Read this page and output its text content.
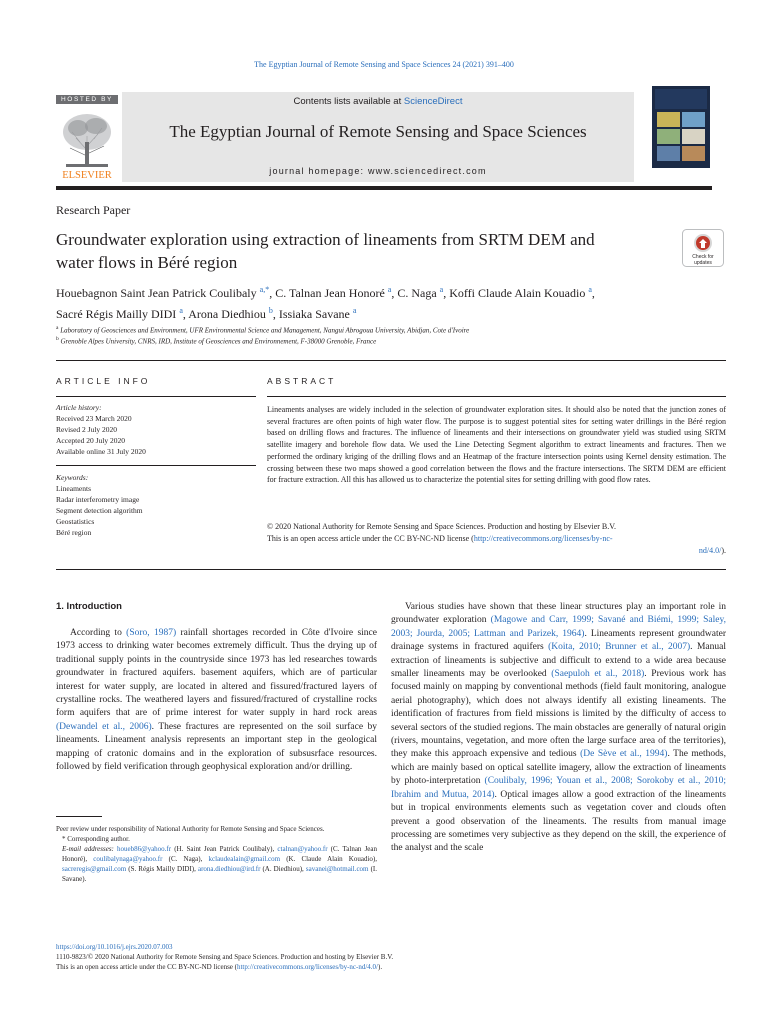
The Egyptian Journal of Remote Sensing and Space Sciences 24 (2021) 391–400
HOSTED BY
ELSEVIER
Contents lists available at ScienceDirect
The Egyptian Journal of Remote Sensing and Space Sciences
journal homepage: www.sciencedirect.com
Research Paper
Groundwater exploration using extraction of lineaments from SRTM DEM and water flows in Béré region	Check for
updates
Houebagnon Saint Jean Patrick Coulibaly $^{a,*}$, C. Talnan Jean Honoré $^a$, C. Naga $^a$, Koffi Claude Alain Kouadio $^a$,
Sacré Régis Mailly DIDI $^a$, Arona Diedhiou $^b$, Issiaka Savane $^a$
$^a$ Laboratory of Geosciences and Environment, UFR Environmental Science and Management, Nangui Abrogoua University, Abidjan, Cote d'Ivoire
$^b$ Grenoble Alpes University, CNRS, IRD, Institute of Geosciences and Environnement, F-38000 Grenoble, France
ARTICLE INFO	ABSTRACT
Article history:
Received 23 March 2020
Revised 2 July 2020
Accepted 20 July 2020
Available online 31 July 2020
Keywords:
Lineaments
Radar interferometry image
Segment detection algorithm
Geostatistics
Béré region
Lineaments analyses are widely included in the selection of groundwater exploration sites. It should also be noted that the junction zones of several fractures are often points of high water flow. The purpose is to suggest potential sites for setting water drillings in the Béré region based on drilling flows and fractures. The influence of lineaments and their intersections on groundwater yield was studied using SRTM satellite imagery and borehole flow data. We used the Line Detecting Segment algorithm to extract lineaments and fractures. Then we performed the ordinary kriging of the drilling flows and an Heatmap of the fracture intersection points using Kernel density estimation. The crossing between these two maps showed a good correlation between the flows and the fracture intersections. The SRTM DEM are efficient for fracture extraction. All this has allowed us to characterize the potential sites for setting drilling with good flow rates.
© 2020 National Authority for Remote Sensing and Space Sciences. Production and hosting by Elsevier B.V.
This is an open access article under the CC BY-NC-ND license (http://creativecommons.org/licenses/by-nc-
nd/4.0/).
1. Introduction
According to (Soro, 1987) rainfall shortages recorded in Côte d'Ivoire since 1973 access to drinking water becomes extremely difficult. Thus the drying up of traditional supply points in the countryside since 1973 has led researches towards groundwater in fractured aquifers. basement aquifers, which are of particular interest for water supply, are located in altered and fissured/fractured layers of crystalline rocks. The weathered layers and fissured/fractured of crystalline rocks form aquifers that are of prime interest for water supply in hard rock areas (Dewandel et al., 2006). These fractures are represented on the soil surface by lineaments. Lineament analysis represents an important step in the geological mapping of cratonic domains and in the exploration of subsusrface resources. followed by field verification through geophysical exploration and/or drilling.
Various studies have shown that these linear structures play an important role in groundwater exploration (Magowe and Carr, 1999; Savané and Biémi, 1999; Saley, 2003; Jourda, 2005; Lattman and Parizek, 1964). Lineaments represent groundwater drainage systems in fractured aquifers (Koita, 2010; Brunner et al., 2007). Manual extraction of lineaments is subjective and difficult to extend to a wide area because smaller lineaments may be overlooked (Saepuloh et al., 2018). Previous work has focused mainly on mapping by conventional methods (field fault monitoring, analogue aerial photography), which does not always identify all existing lineaments. The identification of fractures from field missions is limited by the difficulty of access to several sectors of the studied regions. The main obstacles are generally of natural origin (rivers, mountains, vegetation, and more often the large surface area of the territories), they make this approach expensive and tedious (De Sève et al., 1994). The methods, which are mainly based on optical satellite imagery, allow the extraction of lineaments by photo-interpretation (Coulibaly, 1996; Youan et al., 2008; Sorokoby et al., 2010; Ibrahim and Mutua, 2014). Optical images allow a good extraction of the lineaments but in tropical environments elements such as vegetation cover and clouds often prevent a good observation of the lineaments. The results from manual image processing are sometimes very subjective as they depend on the skill, the experience of the analyst and the scale

Peer review under responsibility of National Authority for Remote Sensing and Space Sciences.

* Corresponding author.

E-mail addresses: houeb86@yahoo.fr (H. Saint Jean Patrick Coulibaly), ctalnan@yahoo.fr (C. Talnan Jean Honoré), coulibalynaga@yahoo.fr (C. Naga), kclaudealain@gmail.com (K. Claude Alain Kouadio), sacreregis@gmail.com (S. Régis Mailly DIDI), arona.diedhiou@ird.fr (A. Diedhiou), savanei@hotmail.com (I. Savane).

https://doi.org/10.1016/j.ejrs.2020.07.003
1110-9823/© 2020 National Authority for Remote Sensing and Space Sciences. Production and hosting by Elsevier B.V.
This is an open access article under the CC BY-NC-ND license (http://creativecommons.org/licenses/by-nc-nd/4.0/).
